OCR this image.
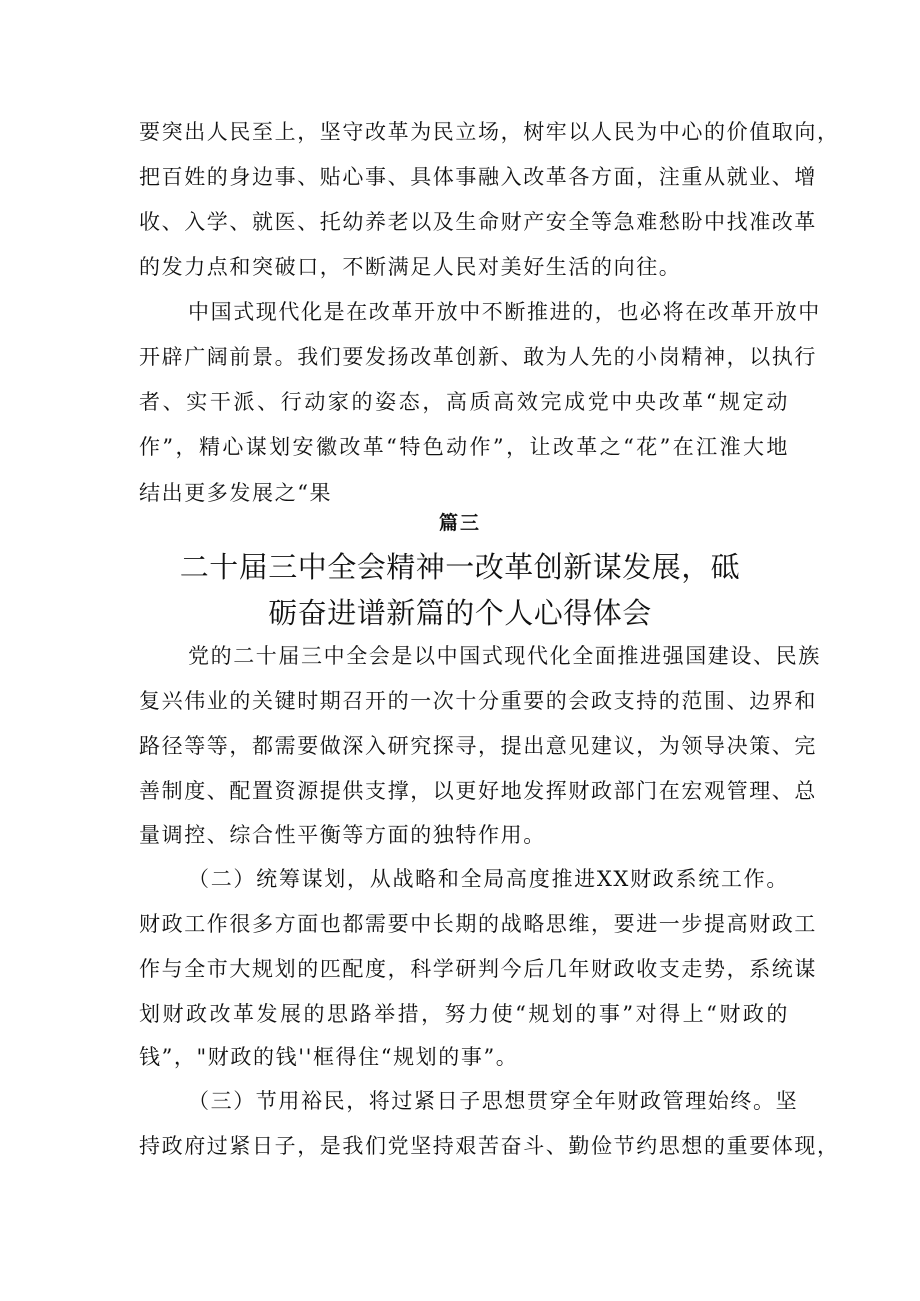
要突出人民至上，坚守改革为民立场，树牢以人民为中心的价值取向，
把百姓的身边事、贴心事、具体事融入改革各方面，注重从就业、增
收、入学、就医、托幼养老以及生命财产安全等急难愁盼中找准改革
的发力点和突破口，不断满足人民对美好生活的向往。
中国式现代化是在改革开放中不断推进的，也必将在改革开放中
开辟广阔前景。我们要发扬改革创新、敢为人先的小岗精神，以执行
者、实干派、行动家的姿态，高质高效完成党中央改革“规定动
作”，精心谋划安徽改革“特色动作”，让改革之“花”在江淮大地
结出更多发展之“果
篇三
二十届三中全会精神一改革创新谋发展，砥
砺奋进谱新篇的个人心得体会
党的二十届三中全会是以中国式现代化全面推进强国建设、民族
复兴伟业的关键时期召开的一次十分重要的会政支持的范围、边界和
路径等等，都需要做深入研究探寻，提出意见建议，为领导决策、完
善制度、配置资源提供支撑，以更好地发挥财政部门在宏观管理、总
量调控、综合性平衡等方面的独特作用。
（二）统筹谋划，从战略和全局高度推进XX财政系统工作。
财政工作很多方面也都需要中长期的战略思维，要进一步提高财政工
作与全市大规划的匹配度，科学研判今后几年财政收支走势，系统谋
划财政改革发展的思路举措，努力使“规划的事”对得上“财政的
钱”，"财政的钱''框得住“规划的事”。
（三）节用裕民，将过紧日子思想贯穿全年财政管理始终。坚
持政府过紧日子，是我们党坚持艰苦奋斗、勤俭节约思想的重要体现，
